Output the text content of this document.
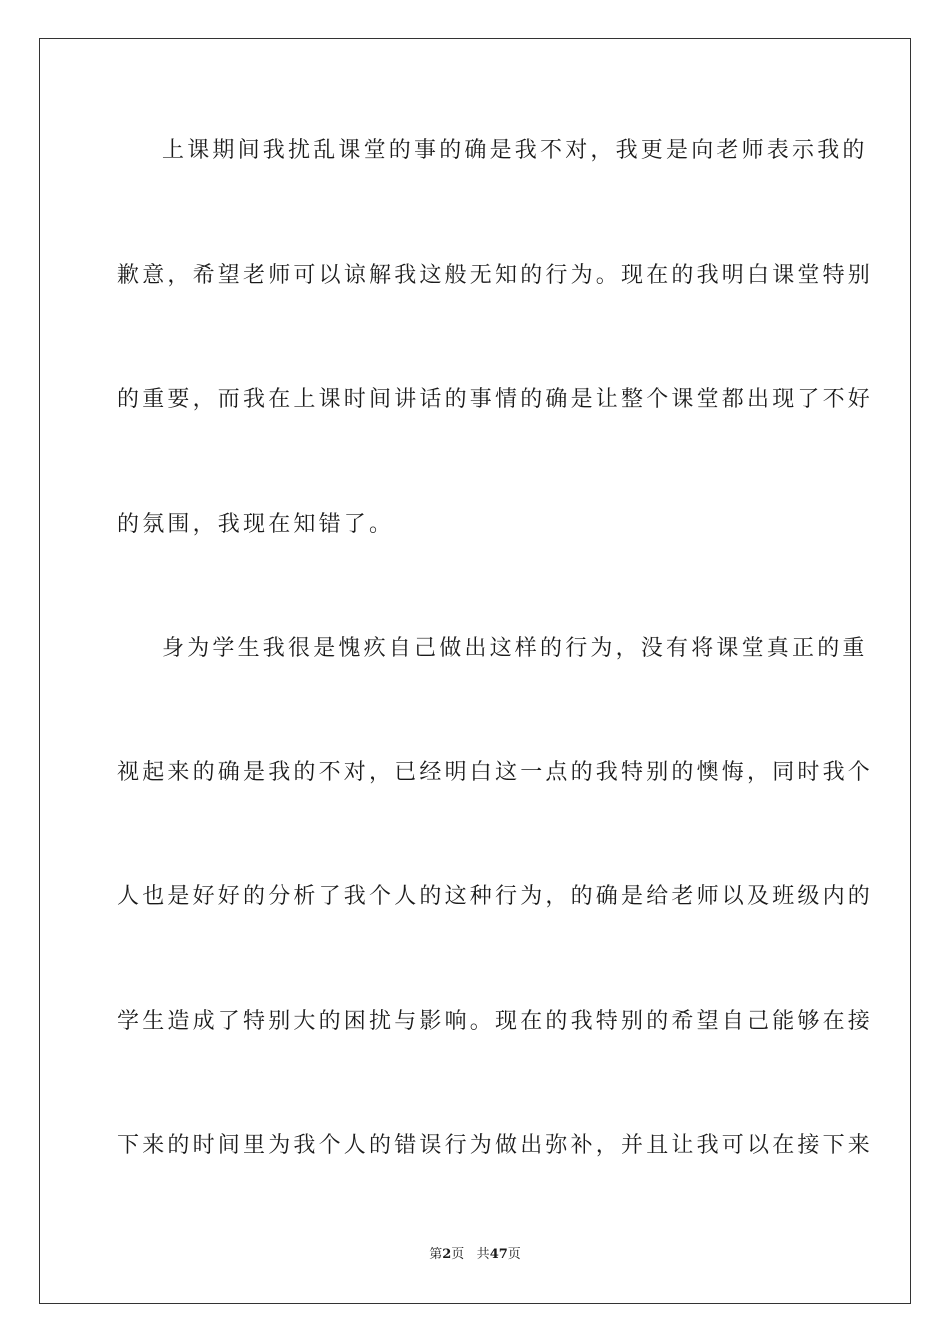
上课期间我扰乱课堂的事的确是我不对，我更是向老师表示我的
歉意，希望老师可以谅解我这般无知的行为。现在的我明白课堂特别
的重要，而我在上课时间讲话的事情的确是让整个课堂都出现了不好
的氛围，我现在知错了。
身为学生我很是愧疚自己做出这样的行为，没有将课堂真正的重
视起来的确是我的不对，已经明白这一点的我特别的懊悔，同时我个
人也是好好的分析了我个人的这种行为，的确是给老师以及班级内的
学生造成了特别大的困扰与影响。现在的我特别的希望自己能够在接
下来的时间里为我个人的错误行为做出弥补，并且让我可以在接下来
第2页 共47页
